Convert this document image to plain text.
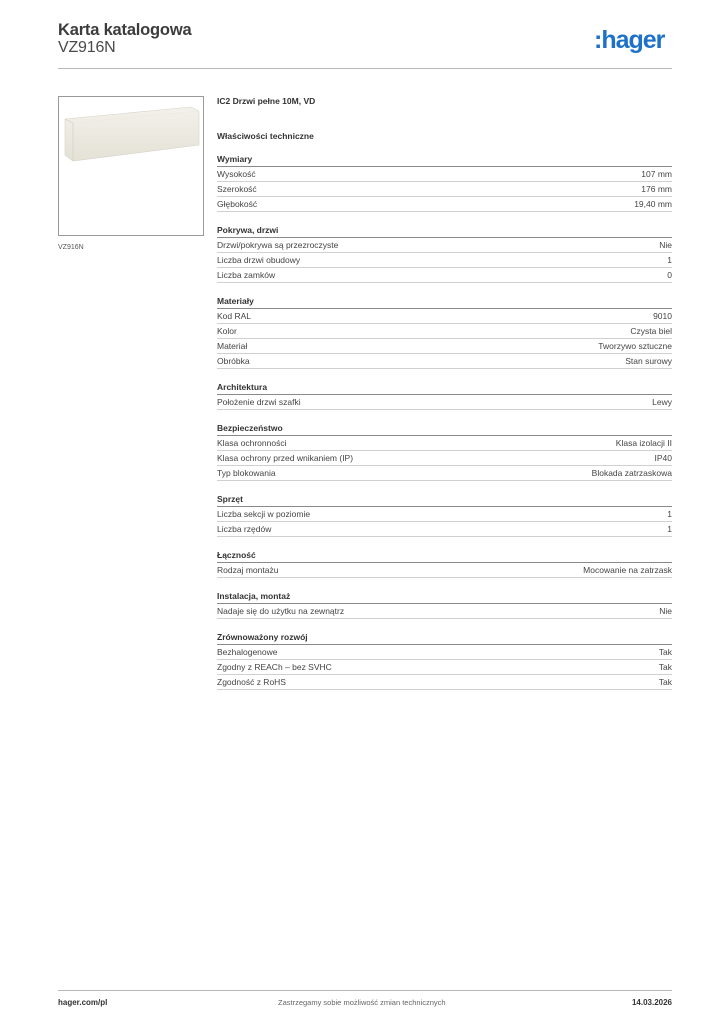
Karta katalogowa
VZ916N	:hager
VZ916N
IC2 Drzwi pełne 10M, VD
Właściwości techniczne
Wymiary
Wysokość	107 mm
Szerokość	176 mm
Głębokość	19,40 mm
Pokrywa, drzwi
Drzwi/pokrywa są przezroczyste	Nie
Liczba drzwi obudowy	1
Liczba zamków	0
Materiały
Kod RAL	9010
Kolor	Czysta biel
Materiał	Tworzywo sztuczne
Obróbka	Stan surowy
Architektura
Położenie drzwi szafki	Lewy
Bezpieczeństwo
Klasa ochronności	Klasa izolacji II
Klasa ochrony przed wnikaniem (IP)	IP40
Typ blokowania	Blokada zatrzaskowa
Sprzęt
Liczba sekcji w poziomie	1
Liczba rzędów	1
Łączność
Rodzaj montażu	Mocowanie na zatrzask
Instalacja, montaż
Nadaje się do użytku na zewnątrz	Nie
Zrównoważony rozwój
Bezhalogenowe	Tak
Zgodny z REACh – bez SVHC	Tak
Zgodność z RoHS	Tak
hager.com/pl	Zastrzegamy sobie możliwość zmian technicznych	14.03.2026
